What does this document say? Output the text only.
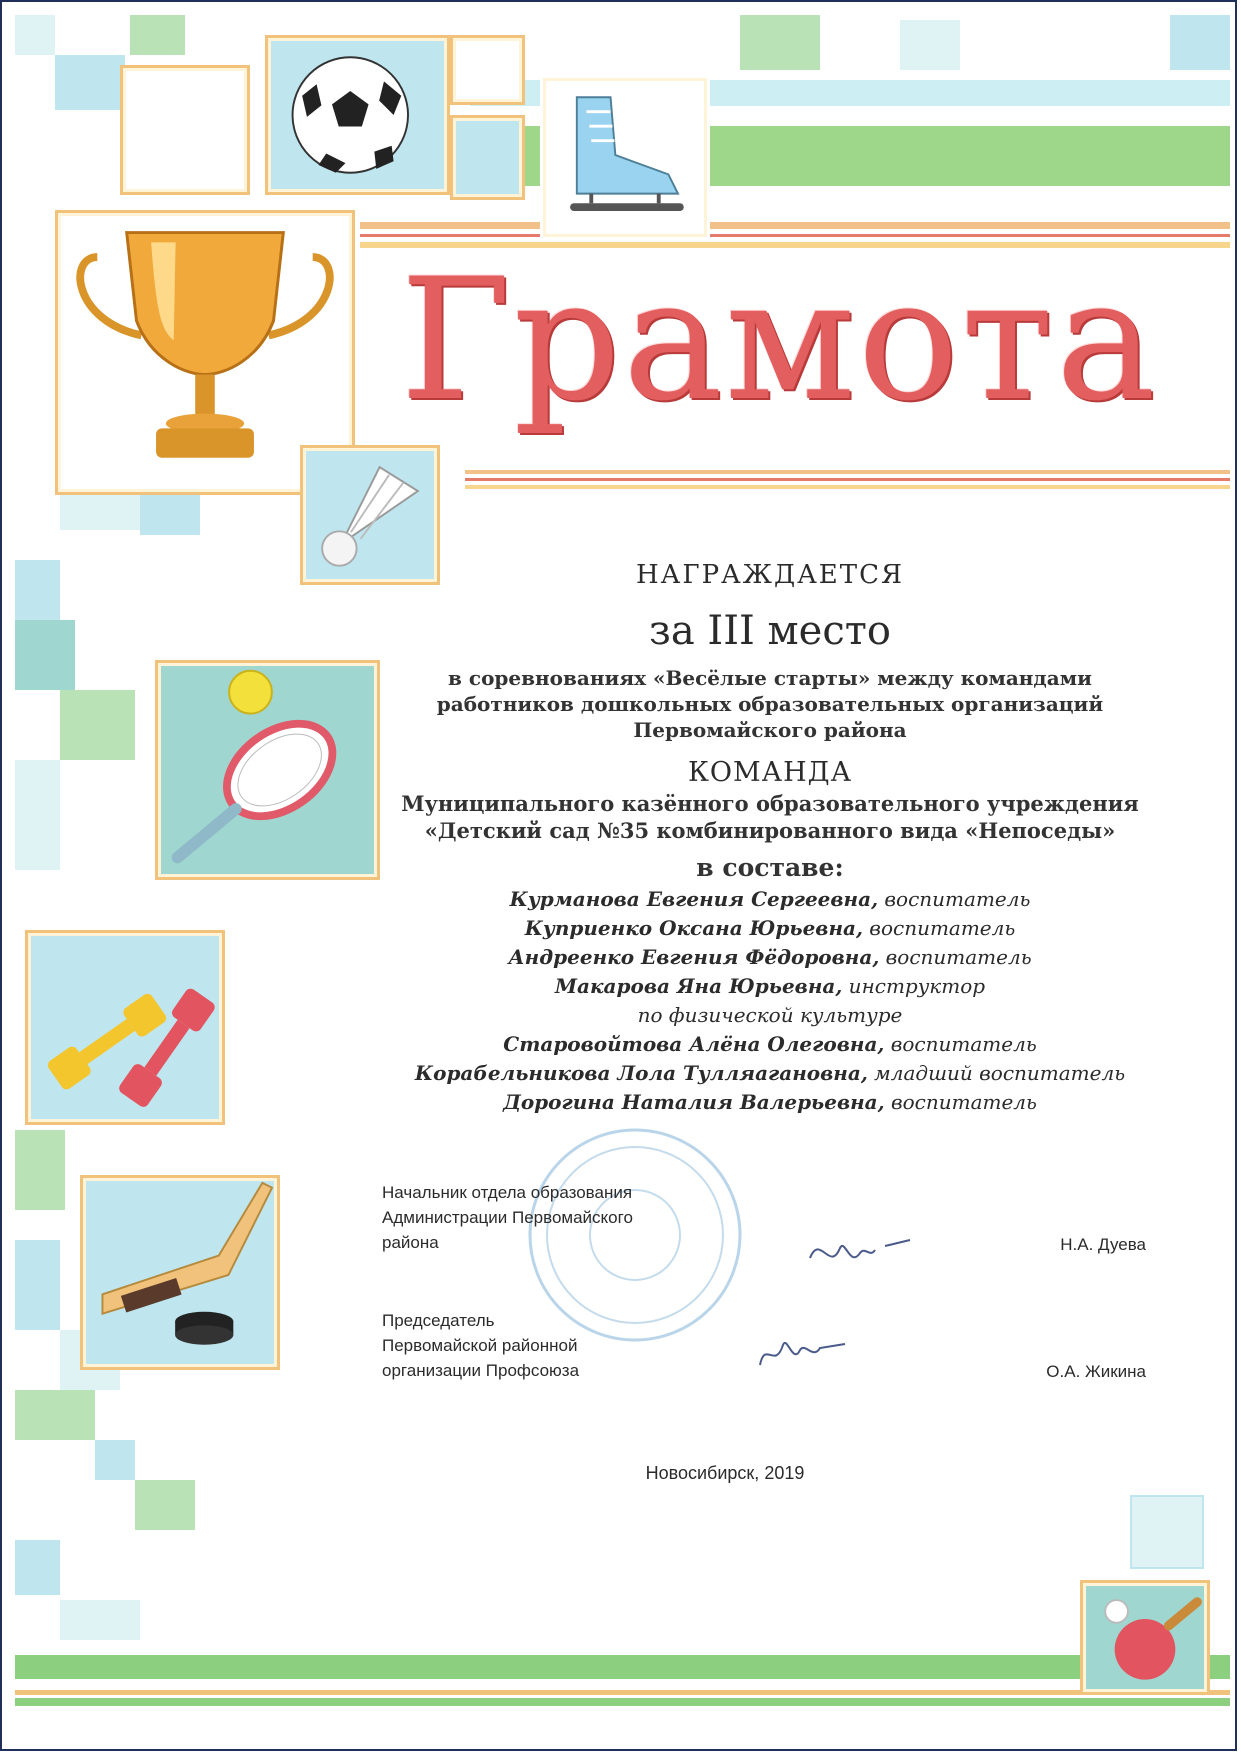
Грамота
НАГРАЖДАЕТСЯ
за III место
в соревнованиях «Весёлые старты» между командами
работников дошкольных образовательных организаций
Первомайского района
КОМАНДА
Муниципального казённого образовательного учреждения
«Детский сад №35 комбинированного вида «Непоседы»
в составе:
Курманова Евгения Сергеевна, воспитатель
Куприенко Оксана Юрьевна, воспитатель
Андреенко Евгения Фёдоровна, воспитатель
Макарова Яна Юрьевна, инструктор
по физической культуре
Старовойтова Алёна Олеговна, воспитатель
Корабельникова Лола Тулляагановна, младший воспитатель
Дорогина Наталия Валерьевна, воспитатель
Начальник отдела образования
Администрации Первомайского
района	Н.А. Дуева
Председатель
Первомайской районной
организации Профсоюза	О.А. Жикина
Новосибирск, 2019
